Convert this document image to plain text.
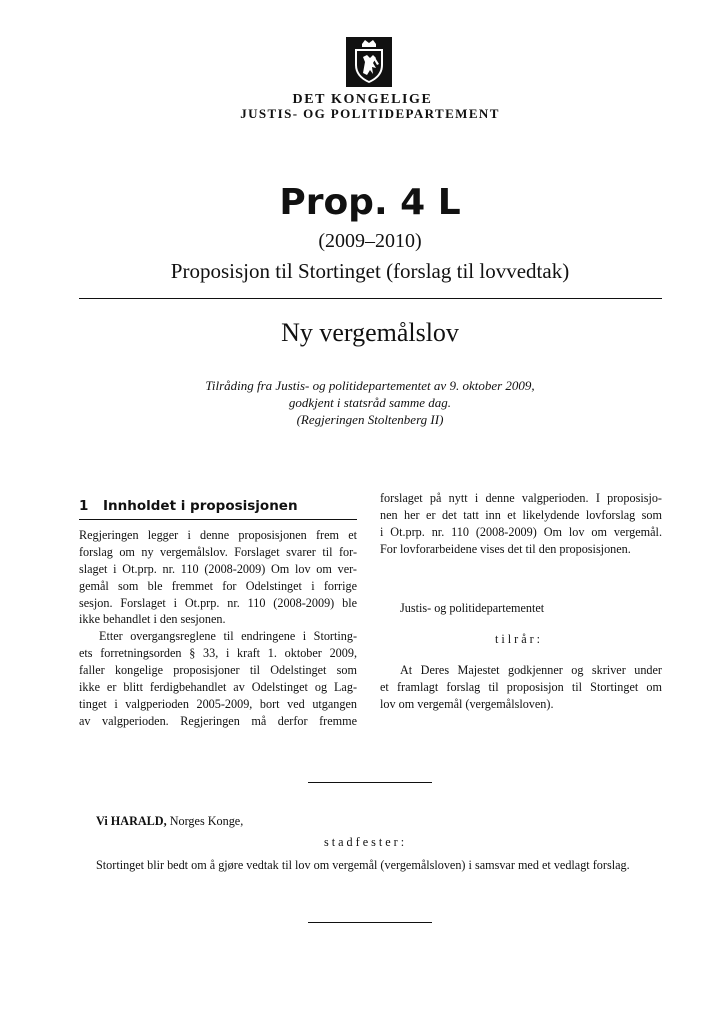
DET KONGELIGE
JUSTIS- OG POLITIDEPARTEMENT
Prop. 4 L
(2009–2010)
Proposisjon til Stortinget (forslag til lovvedtak)
Ny vergemålslov
Tilråding fra Justis- og politidepartementet av 9. oktober 2009,
godkjent i statsråd samme dag.
(Regjeringen Stoltenberg II)
1 Innholdet i proposisjonen
Regjeringen legger i denne proposisjonen frem et
forslag om ny vergemålslov. Forslaget svarer til for-
slaget i Ot.prp. nr. 110 (2008-2009) Om lov om ver-
gemål som ble fremmet for Odelstinget i forrige
sesjon. Forslaget i Ot.prp. nr. 110 (2008-2009) ble
ikke behandlet i den sesjonen.
Etter overgangsreglene til endringene i Storting-
ets forretningsorden § 33, i kraft 1. oktober 2009,
faller kongelige proposisjoner til Odelstinget som
ikke er blitt ferdigbehandlet av Odelstinget og Lag-
tinget i valgperioden 2005-2009, bort ved utgangen
av valgperioden. Regjeringen må derfor fremme
forslaget på nytt i denne valgperioden. I proposisjo-
nen her er det tatt inn et likelydende lovforslag som
i Ot.prp. nr. 110 (2008-2009) Om lov om vergemål.
For lovforarbeidene vises det til den proposisjonen.
Justis- og politidepartementet
tilrår:
At Deres Majestet godkjenner og skriver under
et framlagt forslag til proposisjon til Stortinget om
lov om vergemål (vergemålsloven).
Vi HARALD, Norges Konge,
stadfester:
Stortinget blir bedt om å gjøre vedtak til lov om vergemål (vergemålsloven) i samsvar med et vedlagt forslag.
